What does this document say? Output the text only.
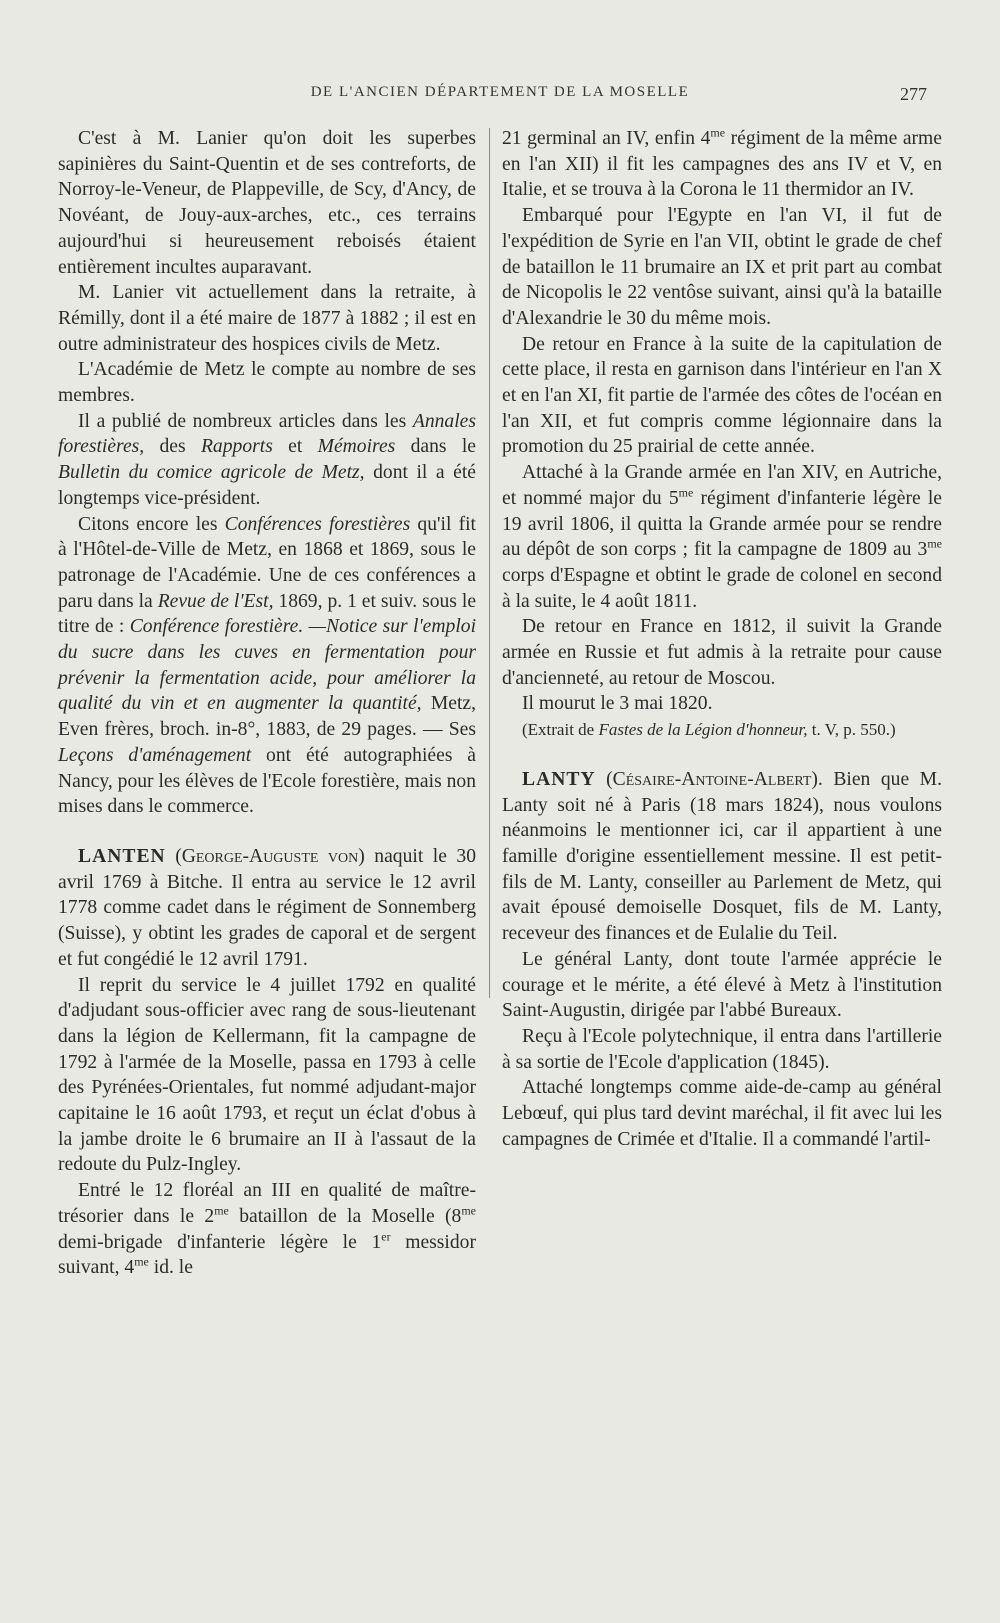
DE L'ANCIEN DÉPARTEMENT DE LA MOSELLE	277

C'est à M. Lanier qu'on doit les superbes sapinières du Saint-Quentin et de ses contreforts, de Norroy-le-Veneur, de Plappeville, de Scy, d'Ancy, de Novéant, de Jouy-aux-arches, etc., ces terrains aujourd'hui si heureusement reboisés étaient entièrement incultes auparavant.

M. Lanier vit actuellement dans la retraite, à Rémilly, dont il a été maire de 1877 à 1882 ; il est en outre administrateur des hospices civils de Metz.

L'Académie de Metz le compte au nombre de ses membres.

Il a publié de nombreux articles dans les Annales forestières, des Rapports et Mémoires dans le Bulletin du comice agricole de Metz, dont il a été longtemps vice-président.

Citons encore les Conférences forestières qu'il fit à l'Hôtel-de-Ville de Metz, en 1868 et 1869, sous le patronage de l'Académie. Une de ces conférences a paru dans la Revue de l'Est, 1869, p. 1 et suiv. sous le titre de : Conférence forestière. —Notice sur l'emploi du sucre dans les cuves en fermentation pour prévenir la fermentation acide, pour améliorer la qualité du vin et en augmenter la quantité, Metz, Even frères, broch. in-8°, 1883, de 29 pages. — Ses Leçons d'aménagement ont été autographiées à Nancy, pour les élèves de l'Ecole forestière, mais non mises dans le commerce.

LANTEN (George-Auguste von) naquit le 30 avril 1769 à Bitche. Il entra au service le 12 avril 1778 comme cadet dans le régiment de Sonnemberg (Suisse), y obtint les grades de caporal et de sergent et fut congédié le 12 avril 1791.

Il reprit du service le 4 juillet 1792 en qualité d'adjudant sous-officier avec rang de sous-lieutenant dans la légion de Kellermann, fit la campagne de 1792 à l'armée de la Moselle, passa en 1793 à celle des Pyrénées-Orientales, fut nommé adjudant-major capitaine le 16 août 1793, et reçut un éclat d'obus à la jambe droite le 6 brumaire an II à l'assaut de la redoute du Pulz-Ingley.

Entré le 12 floréal an III en qualité de maître-trésorier dans le $2^{me}$ bataillon de la Moselle ($8^{me}$ demi-brigade d'infanterie légère le 1er messidor suivant, $4^{me}$ id. le

21 germinal an IV, enfin $4^{me}$ régiment de la même arme en l'an XII) il fit les campagnes des ans IV et V, en Italie, et se trouva à la Corona le 11 thermidor an IV.

Embarqué pour l'Egypte en l'an VI, il fut de l'expédition de Syrie en l'an VII, obtint le grade de chef de bataillon le 11 brumaire an IX et prit part au combat de Nicopolis le 22 ventôse suivant, ainsi qu'à la bataille d'Alexandrie le 30 du même mois.

De retour en France à la suite de la capitulation de cette place, il resta en garnison dans l'intérieur en l'an X et en l'an XI, fit partie de l'armée des côtes de l'océan en l'an XII, et fut compris comme légionnaire dans la promotion du 25 prairial de cette année.

Attaché à la Grande armée en l'an XIV, en Autriche, et nommé major du $5^{me}$ régiment d'infanterie légère le 19 avril 1806, il quitta la Grande armée pour se rendre au dépôt de son corps ; fit la campagne de 1809 au $3^{me}$ corps d'Espagne et obtint le grade de colonel en second à la suite, le 4 août 1811.

De retour en France en 1812, il suivit la Grande armée en Russie et fut admis à la retraite pour cause d'ancienneté, au retour de Moscou.

Il mourut le 3 mai 1820.

(Extrait de Fastes de la Légion d'honneur, t. V, p. 550.)

LANTY (Césaire-Antoine-Albert). Bien que M. Lanty soit né à Paris (18 mars 1824), nous voulons néanmoins le mentionner ici, car il appartient à une famille d'origine essentiellement messine. Il est petit-fils de M. Lanty, conseiller au Parlement de Metz, qui avait épousé demoiselle Dosquet, fils de M. Lanty, receveur des finances et de Eulalie du Teil.

Le général Lanty, dont toute l'armée apprécie le courage et le mérite, a été élevé à Metz à l'institution Saint-Augustin, dirigée par l'abbé Bureaux.

Reçu à l'Ecole polytechnique, il entra dans l'artillerie à sa sortie de l'Ecole d'application (1845).

Attaché longtemps comme aide-de-camp au général Lebœuf, qui plus tard devint maréchal, il fit avec lui les campagnes de Crimée et d'Italie. Il a commandé l'artil-
